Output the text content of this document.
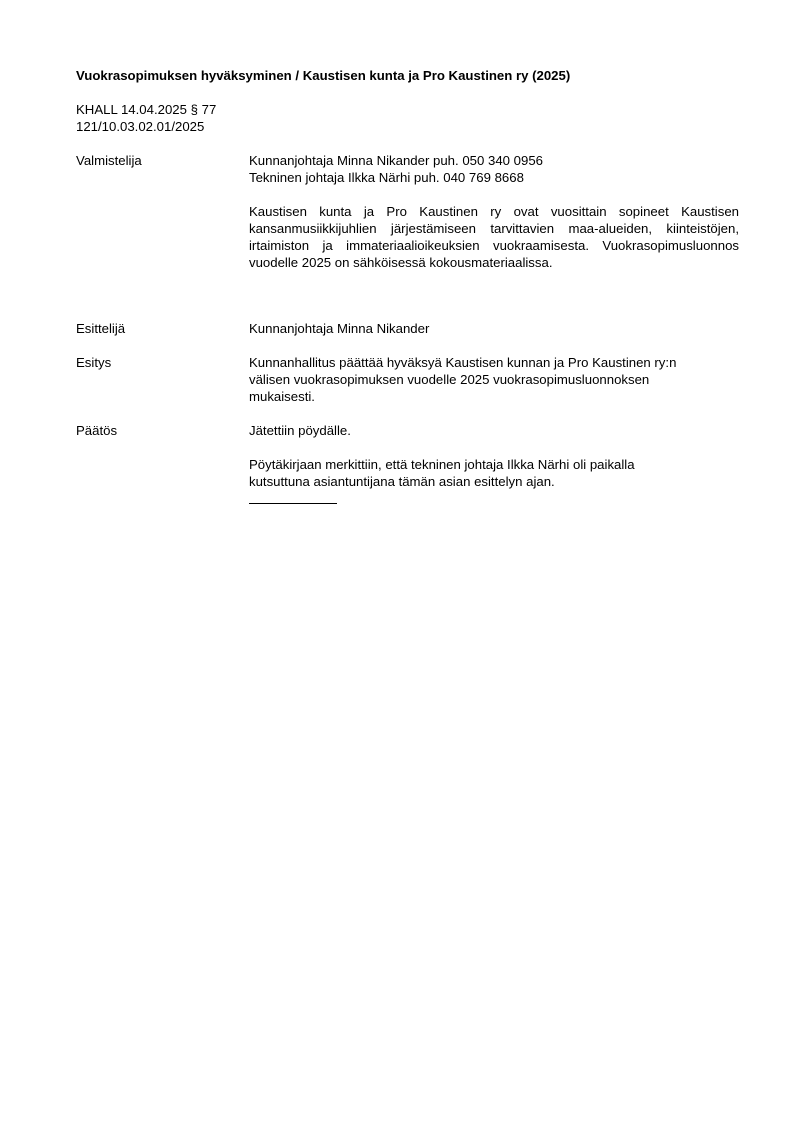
Vuokrasopimuksen hyväksyminen / Kaustisen kunta ja Pro Kaustinen ry (2025)
KHALL 14.04.2025 § 77
121/10.03.02.01/2025
Valmistelija	Kunnanjohtaja Minna Nikander puh. 050 340 0956
Tekninen johtaja Ilkka Närhi puh. 040 769 8668
Kaustisen kunta ja Pro Kaustinen ry ovat vuosittain sopineet Kaustisen kansanmusiikkijuhlien järjestämiseen tarvittavien maa-alueiden, kiinteistöjen, irtaimiston ja immateriaalioikeuksien vuokraamisesta. Vuokrasopimusluonnos vuodelle 2025 on sähköisessä kokousmateriaalissa.
Esittelijä	Kunnanjohtaja Minna Nikander
Esitys	Kunnanhallitus päättää hyväksyä Kaustisen kunnan ja Pro Kaustinen ry:n
välisen vuokrasopimuksen vuodelle 2025 vuokrasopimusluonnoksen
mukaisesti.
Päätös	Jätettiin pöydälle.
Pöytäkirjaan merkittiin, että tekninen johtaja Ilkka Närhi oli paikalla
kutsuttuna asiantuntijana tämän asian esittelyn ajan.
